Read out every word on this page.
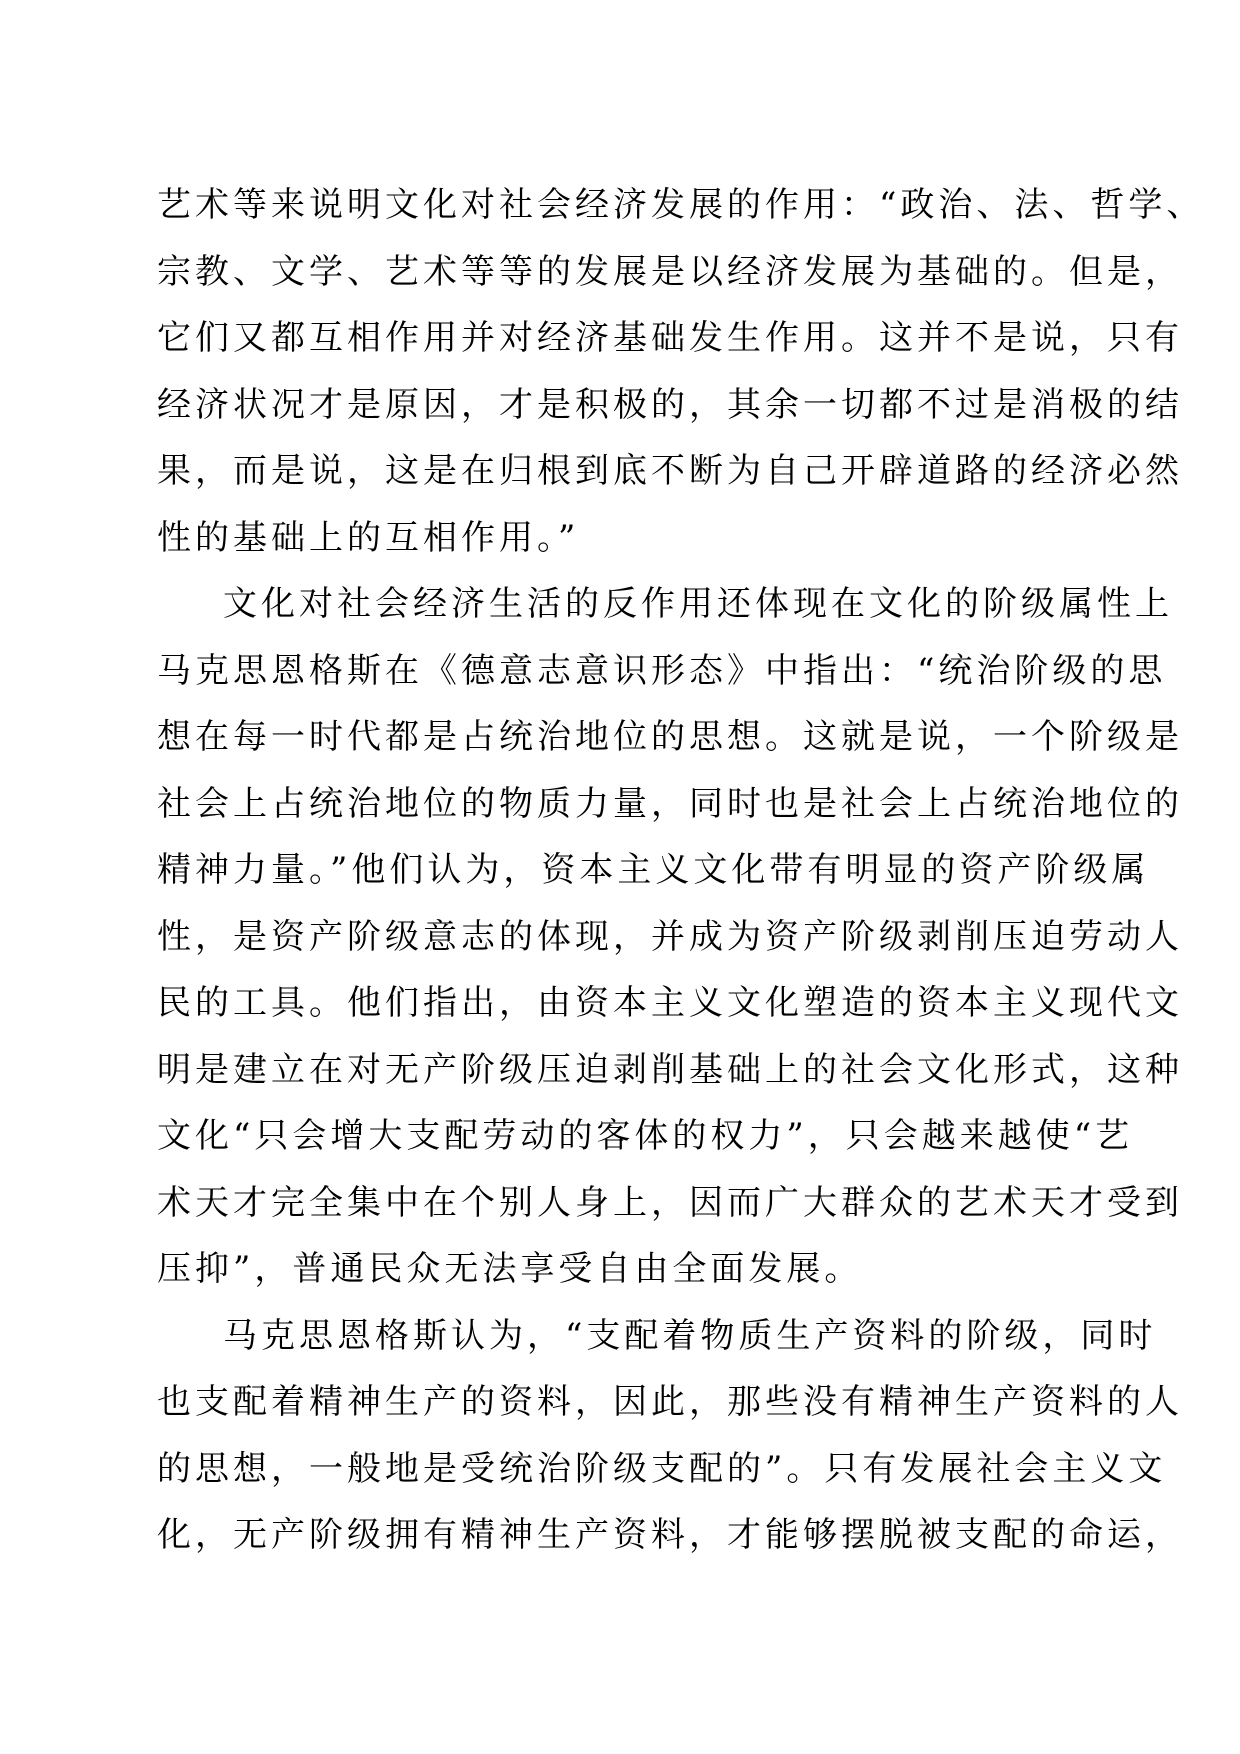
艺术等来说明文化对社会经济发展的作用：“政治、法、哲学、
宗教、文学、艺术等等的发展是以经济发展为基础的。但是，
它们又都互相作用并对经济基础发生作用。这并不是说，只有
经济状况才是原因，才是积极的，其余一切都不过是消极的结
果，而是说，这是在归根到底不断为自己开辟道路的经济必然
性的基础上的互相作用。”
文化对社会经济生活的反作用还体现在文化的阶级属性上
马克思恩格斯在《德意志意识形态》中指出：“统治阶级的思
想在每一时代都是占统治地位的思想。这就是说，一个阶级是
社会上占统治地位的物质力量，同时也是社会上占统治地位的
精神力量。”他们认为，资本主义文化带有明显的资产阶级属
性，是资产阶级意志的体现，并成为资产阶级剥削压迫劳动人
民的工具。他们指出，由资本主义文化塑造的资本主义现代文
明是建立在对无产阶级压迫剥削基础上的社会文化形式，这种
文化“只会增大支配劳动的客体的权力”，只会越来越使“艺
术天才完全集中在个别人身上，因而广大群众的艺术天才受到
压抑”，普通民众无法享受自由全面发展。
马克思恩格斯认为，“支配着物质生产资料的阶级，同时
也支配着精神生产的资料，因此，那些没有精神生产资料的人
的思想，一般地是受统治阶级支配的”。只有发展社会主义文
化，无产阶级拥有精神生产资料，才能够摆脱被支配的命运，
